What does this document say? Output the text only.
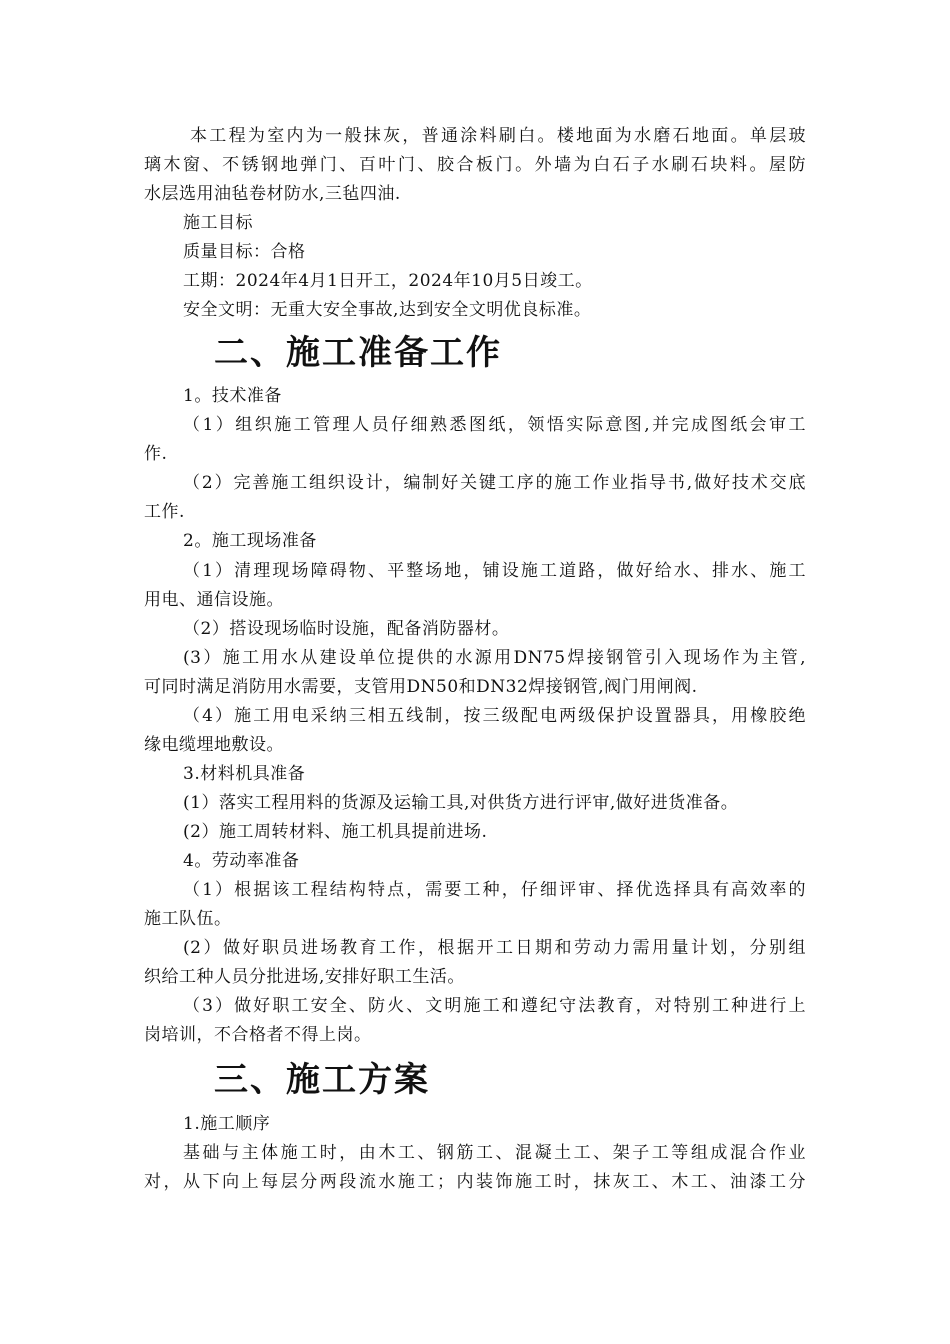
本工程为室内为一般抹灰，普通涂料刷白。楼地面为水磨石地面。单层玻
璃木窗、不锈钢地弹门、百叶门、胶合板门。外墙为白石子水刷石块料。屋防
水层选用油毡卷材防水,三毡四油.
施工目标
质量目标：合格
工期：2024年4月1日开工，2024年10月5日竣工。
安全文明：无重大安全事故,达到安全文明优良标准。
二、施工准备工作
1。技术准备
（1）组织施工管理人员仔细熟悉图纸，领悟实际意图,并完成图纸会审工
作.
（2）完善施工组织设计，编制好关键工序的施工作业指导书,做好技术交底
工作.
2。施工现场准备
（1）清理现场障碍物、平整场地，铺设施工道路，做好给水、排水、施工
用电、通信设施。
（2）搭设现场临时设施，配备消防器材。
(3）施工用水从建设单位提供的水源用DN75焊接钢管引入现场作为主管,
可同时满足消防用水需要，支管用DN50和DN32焊接钢管,阀门用闸阀.
（4）施工用电采纳三相五线制，按三级配电两级保护设置器具，用橡胶绝
缘电缆埋地敷设。
3.材料机具准备
(1）落实工程用料的货源及运输工具,对供货方进行评审,做好进货准备。
(2）施工周转材料、施工机具提前进场.
4。劳动率准备
（1）根据该工程结构特点，需要工种，仔细评审、择优选择具有高效率的
施工队伍。
(2）做好职员进场教育工作，根据开工日期和劳动力需用量计划，分别组
织给工种人员分批进场,安排好职工生活。
（3）做好职工安全、防火、文明施工和遵纪守法教育，对特别工种进行上
岗培训，不合格者不得上岗。
三、施工方案
1.施工顺序
基础与主体施工时，由木工、钢筋工、混凝土工、架子工等组成混合作业
对，从下向上每层分两段流水施工；内装饰施工时，抹灰工、木工、油漆工分
